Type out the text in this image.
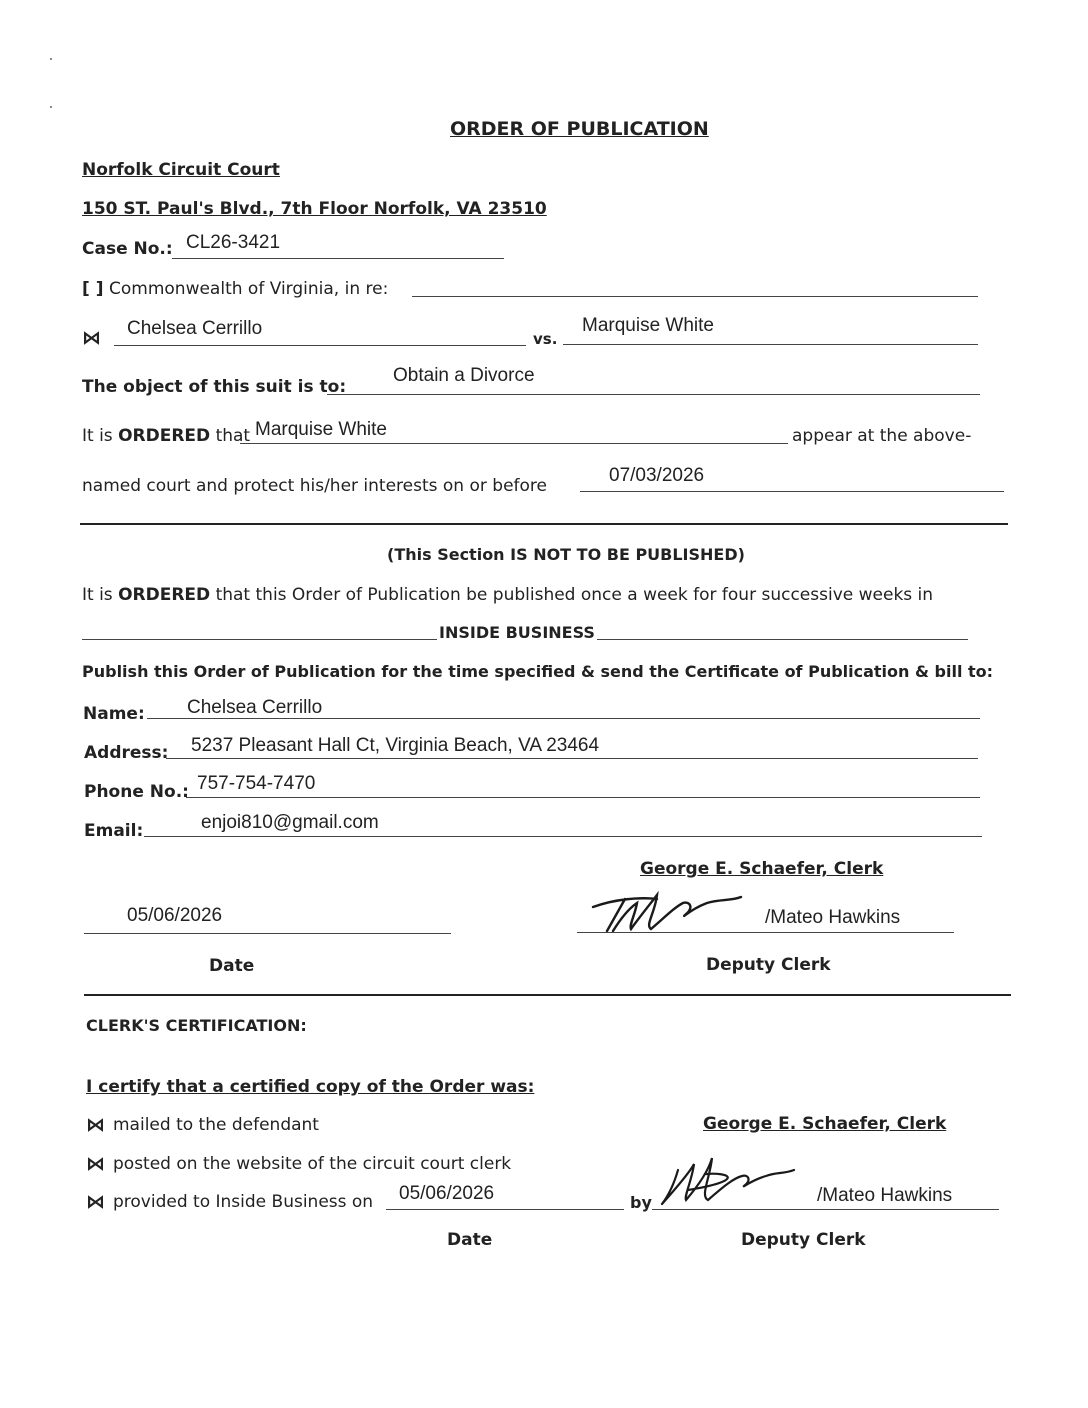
ORDER OF PUBLICATION
Norfolk Circuit Court
150 ST. Paul's Blvd., 7th Floor Norfolk, VA 23510
Case No.: CL26-3421
[ ] Commonwealth of Virginia, in re:
⋈ Chelsea Cerrillo	vs.
Marquise White
The object of this suit is to:
Obtain a Divorce
It is ORDERED that Marquise White	appear at the above-
named court and protect his/her interests on or before	07/03/2026
(This Section IS NOT TO BE PUBLISHED)
It is ORDERED that this Order of Publication be published once a week for four successive weeks in
INSIDE BUSINESS
Publish this Order of Publication for the time specified & send the Certificate of Publication & bill to:
Name: Chelsea Cerrillo
Address: 5237 Pleasant Hall Ct, Virginia Beach, VA 23464
Phone No.: 757-754-7470
Email:	enjoi810@gmail.com
George E. Schaefer, Clerk
05/06/2026	/Mateo Hawkins
Date	Deputy Clerk
CLERK'S CERTIFICATION:
I certify that a certified copy of the Order was:
⋈ mailed to the defendant
⋈ posted on the website of the circuit court clerk
⋈ provided to Inside Business on 05/06/2026
George E. Schaefer, Clerk
by	/Mateo Hawkins
Date	Deputy Clerk
